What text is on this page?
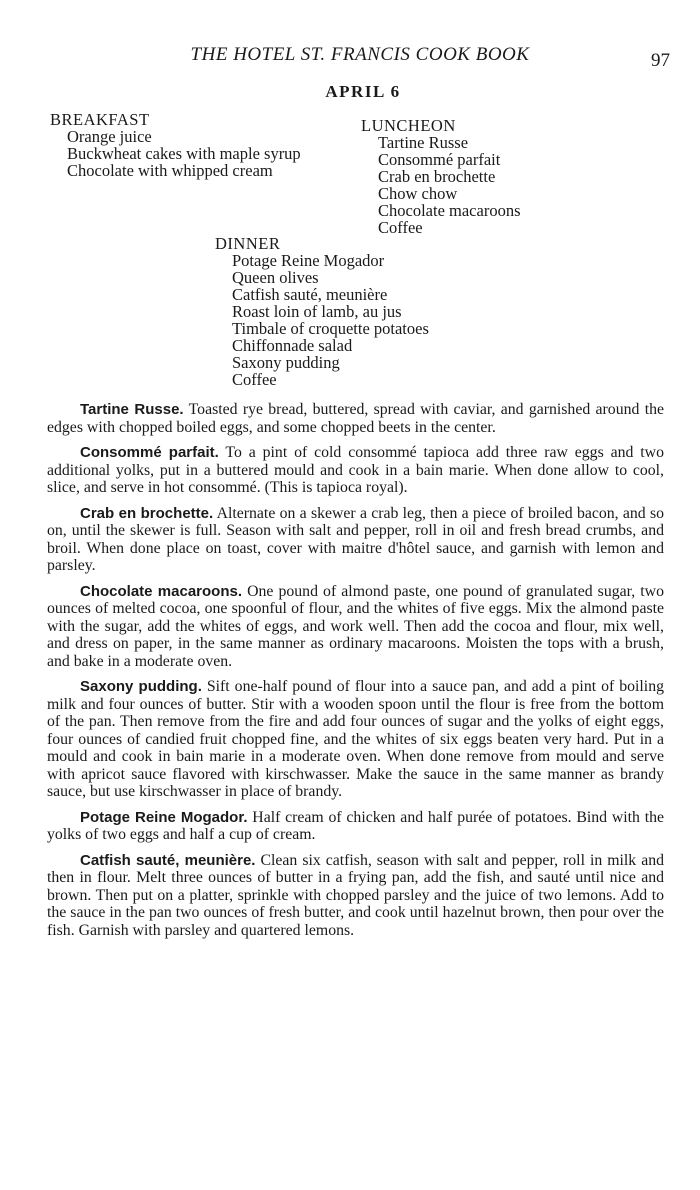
THE HOTEL ST. FRANCIS COOK BOOK	97
APRIL 6
BREAKFAST
Orange juice
Buckwheat cakes with maple syrup
Chocolate with whipped cream
LUNCHEON
Tartine Russe
Consommé parfait
Crab en brochette
Chow chow
Chocolate macaroons
Coffee
DINNER
Potage Reine Mogador
Queen olives
Catfish sauté, meunière
Roast loin of lamb, au jus
Timbale of croquette potatoes
Chiffonnade salad
Saxony pudding
Coffee

Tartine Russe. Toasted rye bread, buttered, spread with caviar, and garnished around the edges with chopped boiled eggs, and some chopped beets in the center.

Consommé parfait. To a pint of cold consommé tapioca add three raw eggs and two additional yolks, put in a buttered mould and cook in a bain marie. When done allow to cool, slice, and serve in hot consommé. (This is tapioca royal).

Crab en brochette. Alternate on a skewer a crab leg, then a piece of broiled bacon, and so on, until the skewer is full. Season with salt and pepper, roll in oil and fresh bread crumbs, and broil. When done place on toast, cover with maitre d'hôtel sauce, and garnish with lemon and parsley.

Chocolate macaroons. One pound of almond paste, one pound of granulated sugar, two ounces of melted cocoa, one spoonful of flour, and the whites of five eggs. Mix the almond paste with the sugar, add the whites of eggs, and work well. Then add the cocoa and flour, mix well, and dress on paper, in the same manner as ordinary macaroons. Moisten the tops with a brush, and bake in a moderate oven.

Saxony pudding. Sift one-half pound of flour into a sauce pan, and add a pint of boiling milk and four ounces of butter. Stir with a wooden spoon until the flour is free from the bottom of the pan. Then remove from the fire and add four ounces of sugar and the yolks of eight eggs, four ounces of candied fruit chopped fine, and the whites of six eggs beaten very hard. Put in a mould and cook in bain marie in a moderate oven. When done remove from mould and serve with apricot sauce flavored with kirschwasser. Make the sauce in the same manner as brandy sauce, but use kirschwasser in place of brandy.

Potage Reine Mogador. Half cream of chicken and half purée of potatoes. Bind with the yolks of two eggs and half a cup of cream.

Catfish sauté, meunière. Clean six catfish, season with salt and pepper, roll in milk and then in flour. Melt three ounces of butter in a frying pan, add the fish, and sauté until nice and brown. Then put on a platter, sprinkle with chopped parsley and the juice of two lemons. Add to the sauce in the pan two ounces of fresh butter, and cook until hazelnut brown, then pour over the fish. Garnish with parsley and quartered lemons.
